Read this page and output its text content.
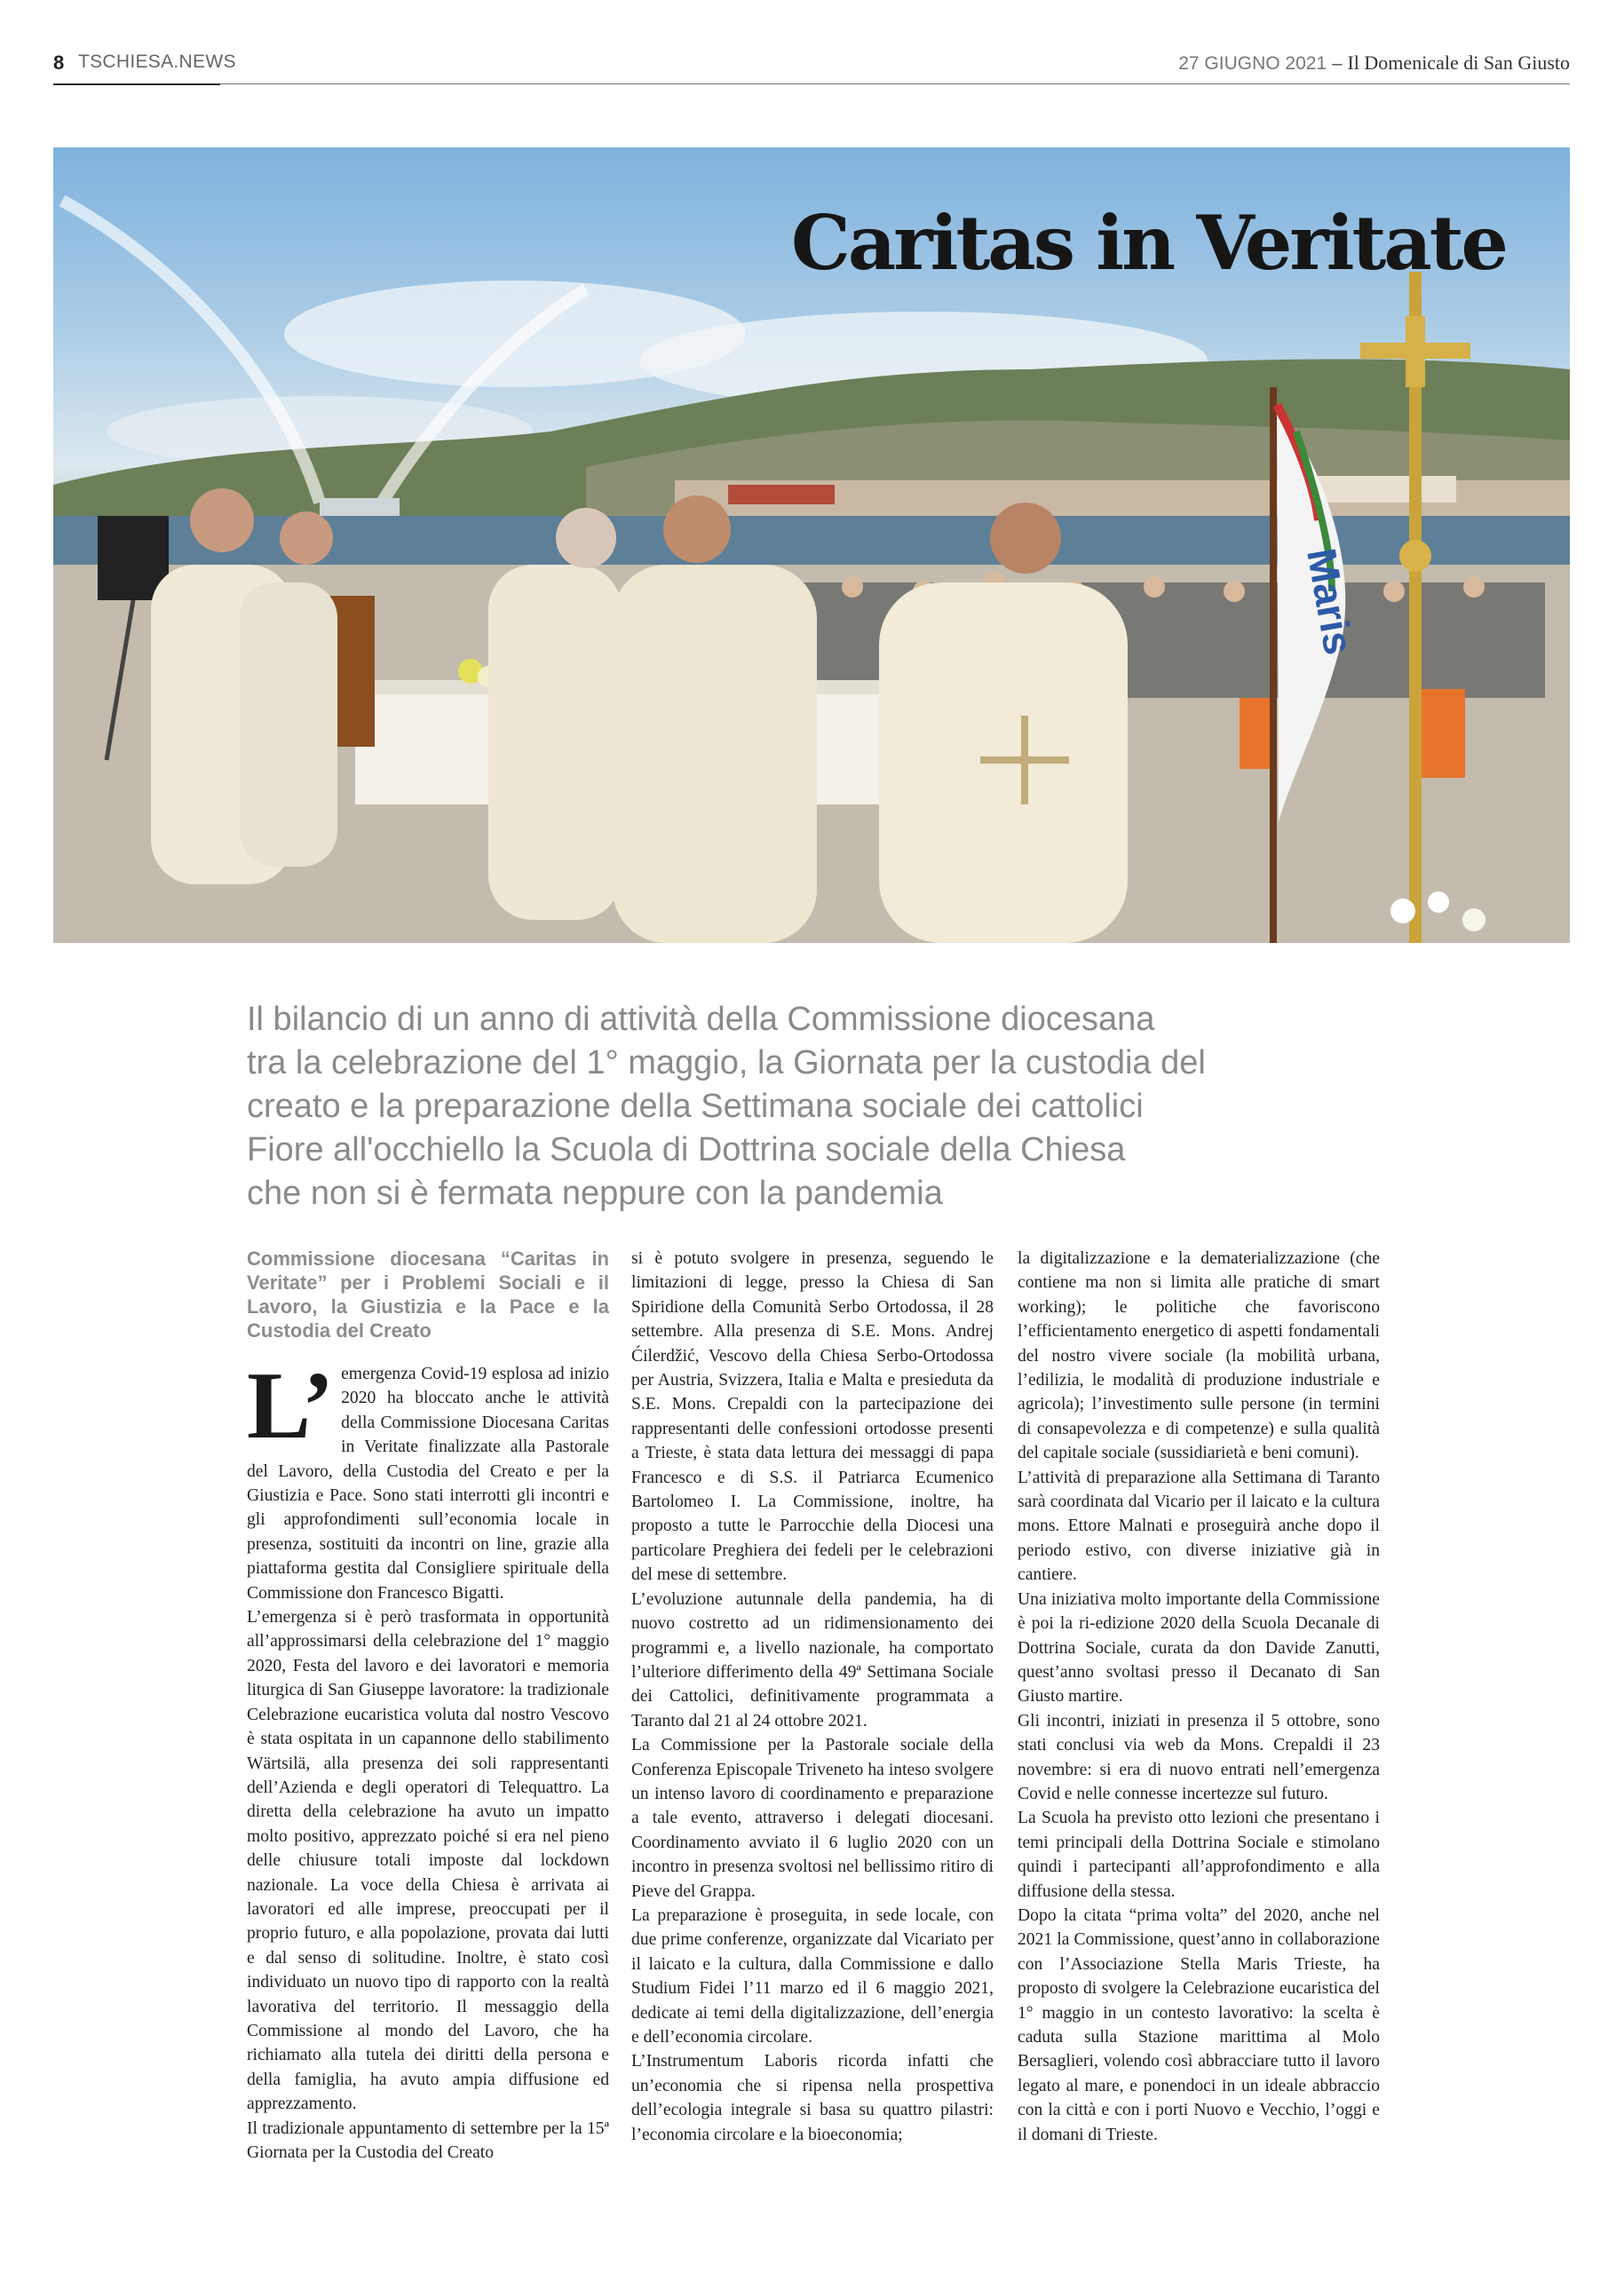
8 TSCHIESA.NEWS	27 GIUGNO 2021 – Il Domenicale di San Giusto
Maris
Caritas in Veritate
Il bilancio di un anno di attività della Commissione diocesana
tra la celebrazione del 1° maggio, la Giornata per la custodia del
creato e la preparazione della Settimana sociale dei cattolici
Fiore all'occhiello la Scuola di Dottrina sociale della Chiesa
che non si è fermata neppure con la pandemia
Commissione diocesana “Caritas in Veritate” per i Problemi Sociali e il Lavoro, la Giustizia e la Pace e la Custodia del Creato

L’ emergenza Covid-19 esplosa ad inizio 2020 ha bloccato anche le attività della Commissione Diocesana Caritas in Veritate finalizzate alla Pastorale del Lavoro, della Custodia del Creato e per la Giustizia e Pace. Sono stati interrotti gli incontri e gli approfondimenti sull’economia locale in presenza, sostituiti da incontri on line, grazie alla piattaforma gestita dal Consigliere spirituale della Commissione don Francesco Bigatti.

L’emergenza si è però trasformata in opportunità all’approssimarsi della celebrazione del 1° maggio 2020, Festa del lavoro e dei lavoratori e memoria liturgica di San Giuseppe lavoratore: la tradizionale Celebrazione eucaristica voluta dal nostro Vescovo è stata ospitata in un capannone dello stabilimento Wärtsilä, alla presenza dei soli rappresentanti dell’Azienda e degli operatori di Telequattro. La diretta della celebrazione ha avuto un impatto molto positivo, apprezzato poiché si era nel pieno delle chiusure totali imposte dal lockdown nazionale. La voce della Chiesa è arrivata ai lavoratori ed alle imprese, preoccupati per il proprio futuro, e alla popolazione, provata dai lutti e dal senso di solitudine. Inoltre, è stato così individuato un nuovo tipo di rapporto con la realtà lavorativa del territorio. Il messaggio della Commissione al mondo del Lavoro, che ha richiamato alla tutela dei diritti della persona e della famiglia, ha avuto ampia diffusione ed apprezzamento.

Il tradizionale appuntamento di settembre per la 15ª Giornata per la Custodia del Creato

si è potuto svolgere in presenza, seguendo le limitazioni di legge, presso la Chiesa di San Spiridione della Comunità Serbo Ortodossa, il 28 settembre. Alla presenza di S.E. Mons. Andrej Ćilerdžić, Vescovo della Chiesa Serbo-Ortodossa per Austria, Svizzera, Italia e Malta e presieduta da S.E. Mons. Crepaldi con la partecipazione dei rappresentanti delle confessioni ortodosse presenti a Trieste, è stata data lettura dei messaggi di papa Francesco e di S.S. il Patriarca Ecumenico Bartolomeo I. La Commissione, inoltre, ha proposto a tutte le Parrocchie della Diocesi una particolare Preghiera dei fedeli per le celebrazioni del mese di settembre.

L’evoluzione autunnale della pandemia, ha di nuovo costretto ad un ridimensionamento dei programmi e, a livello nazionale, ha comportato l’ulteriore differimento della 49ª Settimana Sociale dei Cattolici, definitivamente programmata a Taranto dal 21 al 24 ottobre 2021.

La Commissione per la Pastorale sociale della Conferenza Episcopale Triveneto ha inteso svolgere un intenso lavoro di coordinamento e preparazione a tale evento, attraverso i delegati diocesani. Coordinamento avviato il 6 luglio 2020 con un incontro in presenza svoltosi nel bellissimo ritiro di Pieve del Grappa.

La preparazione è proseguita, in sede locale, con due prime conferenze, organizzate dal Vicariato per il laicato e la cultura, dalla Commissione e dallo Studium Fidei l’11 marzo ed il 6 maggio 2021, dedicate ai temi della digitalizzazione, dell’energia e dell’economia circolare.

L’Instrumentum Laboris ricorda infatti che un’economia che si ripensa nella prospettiva dell’ecologia integrale si basa su quattro pilastri: l’economia circolare e la bioeconomia;

la digitalizzazione e la dematerializzazione (che contiene ma non si limita alle pratiche di smart working); le politiche che favoriscono l’efficientamento energetico di aspetti fondamentali del nostro vivere sociale (la mobilità urbana, l’edilizia, le modalità di produzione industriale e agricola); l’investimento sulle persone (in termini di consapevolezza e di competenze) e sulla qualità del capitale sociale (sussidiarietà e beni comuni).

L’attività di preparazione alla Settimana di Taranto sarà coordinata dal Vicario per il laicato e la cultura mons. Ettore Malnati e proseguirà anche dopo il periodo estivo, con diverse iniziative già in cantiere.

Una iniziativa molto importante della Commissione è poi la ri-edizione 2020 della Scuola Decanale di Dottrina Sociale, curata da don Davide Zanutti, quest’anno svoltasi presso il Decanato di San Giusto martire.

Gli incontri, iniziati in presenza il 5 ottobre, sono stati conclusi via web da Mons. Crepaldi il 23 novembre: si era di nuovo entrati nell’emergenza Covid e nelle connesse incertezze sul futuro.

La Scuola ha previsto otto lezioni che presentano i temi principali della Dottrina Sociale e stimolano quindi i partecipanti all’approfondimento e alla diffusione della stessa.

Dopo la citata “prima volta” del 2020, anche nel 2021 la Commissione, quest’anno in collaborazione con l’Associazione Stella Maris Trieste, ha proposto di svolgere la Celebrazione eucaristica del 1° maggio in un contesto lavorativo: la scelta è caduta sulla Stazione marittima al Molo Bersaglieri, volendo così abbracciare tutto il lavoro legato al mare, e ponendoci in un ideale abbraccio con la città e con i porti Nuovo e Vecchio, l’oggi e il domani di Trieste.
